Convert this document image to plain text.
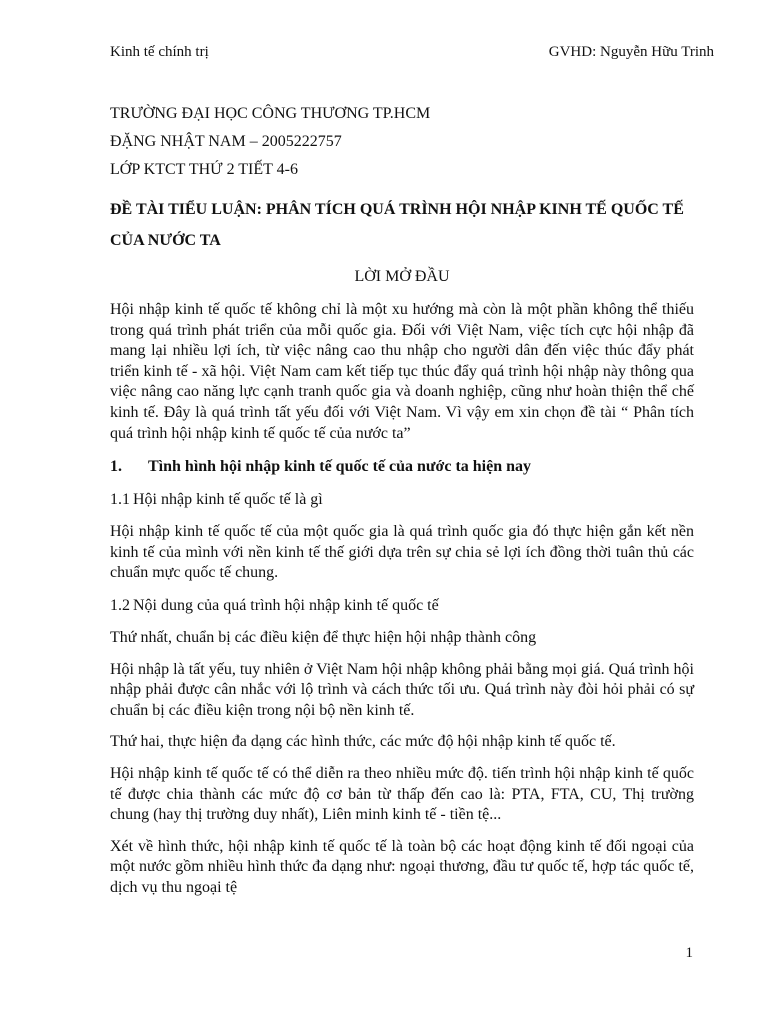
Kinh tế chính trị	GVHD: Nguyễn Hữu Trinh
TRƯỜNG ĐẠI HỌC CÔNG THƯƠNG TP.HCM
ĐẶNG NHẬT NAM – 2005222757
LỚP KTCT THỨ 2 TIẾT 4-6
ĐỀ TÀI TIỂU LUẬN: PHÂN TÍCH QUÁ TRÌNH HỘI NHẬP KINH TẾ QUỐC TẾ CỦA NƯỚC TA
LỜI MỞ ĐẦU

Hội nhập kinh tế quốc tế không chỉ là một xu hướng mà còn là một phần không thể thiếu trong quá trình phát triển của mỗi quốc gia. Đối với Việt Nam, việc tích cực hội nhập đã mang lại nhiều lợi ích, từ việc nâng cao thu nhập cho người dân đến việc thúc đẩy phát triển kinh tế - xã hội. Việt Nam cam kết tiếp tục thúc đẩy quá trình hội nhập này thông qua việc nâng cao năng lực cạnh tranh quốc gia và doanh nghiệp, cũng như hoàn thiện thể chế kinh tế. Đây là quá trình tất yếu đối với Việt Nam. Vì vậy em xin chọn đề tài “ Phân tích quá trình hội nhập kinh tế quốc tế của nước ta”

1.	Tình hình hội nhập kinh tế quốc tế của nước ta hiện nay
1.1 Hội nhập kinh tế quốc tế là gì

Hội nhập kinh tế quốc tế của một quốc gia là quá trình quốc gia đó thực hiện gắn kết nền kinh tế của mình với nền kinh tế thế giới dựa trên sự chia sẻ lợi ích đồng thời tuân thủ các chuẩn mực quốc tế chung.

1.2 Nội dung của quá trình hội nhập kinh tế quốc tế

Thứ nhất, chuẩn bị các điều kiện để thực hiện hội nhập thành công

Hội nhập là tất yếu, tuy nhiên ở Việt Nam hội nhập không phải bằng mọi giá. Quá trình hội nhập phải được cân nhắc với lộ trình và cách thức tối ưu. Quá trình này đòi hỏi phải có sự chuẩn bị các điều kiện trong nội bộ nền kinh tế.

Thứ hai, thực hiện đa dạng các hình thức, các mức độ hội nhập kinh tế quốc tế.

Hội nhập kinh tế quốc tế có thể diễn ra theo nhiều mức độ. tiến trình hội nhập kinh tế quốc tế được chia thành các mức độ cơ bản từ thấp đến cao là: PTA, FTA, CU, Thị trường chung (hay thị trường duy nhất), Liên minh kinh tế - tiền tệ...

Xét về hình thức, hội nhập kinh tế quốc tế là toàn bộ các hoạt động kinh tế đối ngoại của một nước gồm nhiều hình thức đa dạng như: ngoại thương, đầu tư quốc tế, hợp tác quốc tế, dịch vụ thu ngoại tệ

1
